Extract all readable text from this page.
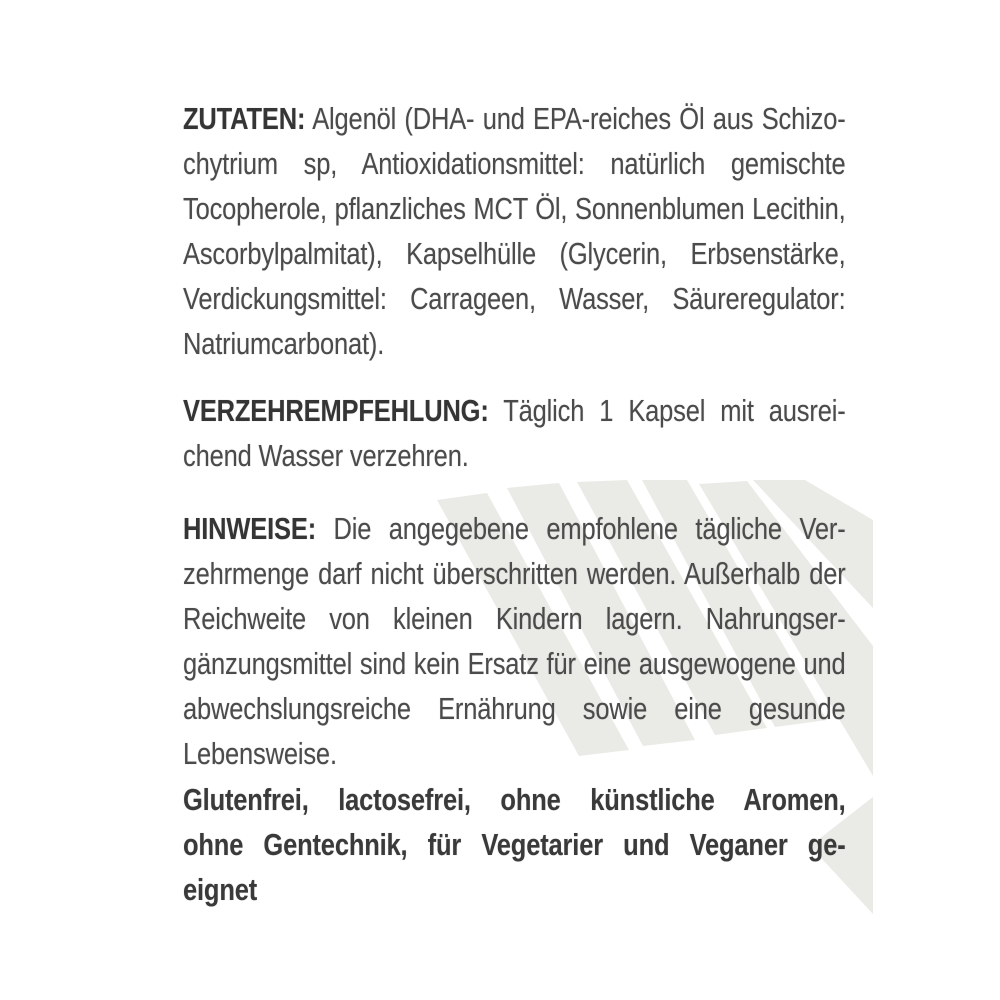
ZUTATEN: Algenöl (DHA- und EPA-reiches Öl aus Schizo-
chytrium sp, Antioxidationsmittel: natürlich gemischte
Tocopherole, pflanzliches MCT Öl, Sonnenblumen Lecithin,
Ascorbylpalmitat), Kapselhülle (Glycerin, Erbsenstärke,
Verdickungsmittel: Carrageen, Wasser, Säureregulator:
Natriumcarbonat).
VERZEHREMPFEHLUNG: Täglich 1 Kapsel mit ausrei-
chend Wasser verzehren.
HINWEISE: Die angegebene empfohlene tägliche Ver-
zehrmenge darf nicht überschritten werden. Außerhalb der
Reichweite von kleinen Kindern lagern. Nahrungser-
gänzungsmittel sind kein Ersatz für eine ausgewogene und
abwechslungsreiche Ernährung sowie eine gesunde
Lebensweise.
Glutenfrei, lactosefrei, ohne künstliche Aromen,
ohne Gentechnik, für Vegetarier und Veganer ge-
eignet
